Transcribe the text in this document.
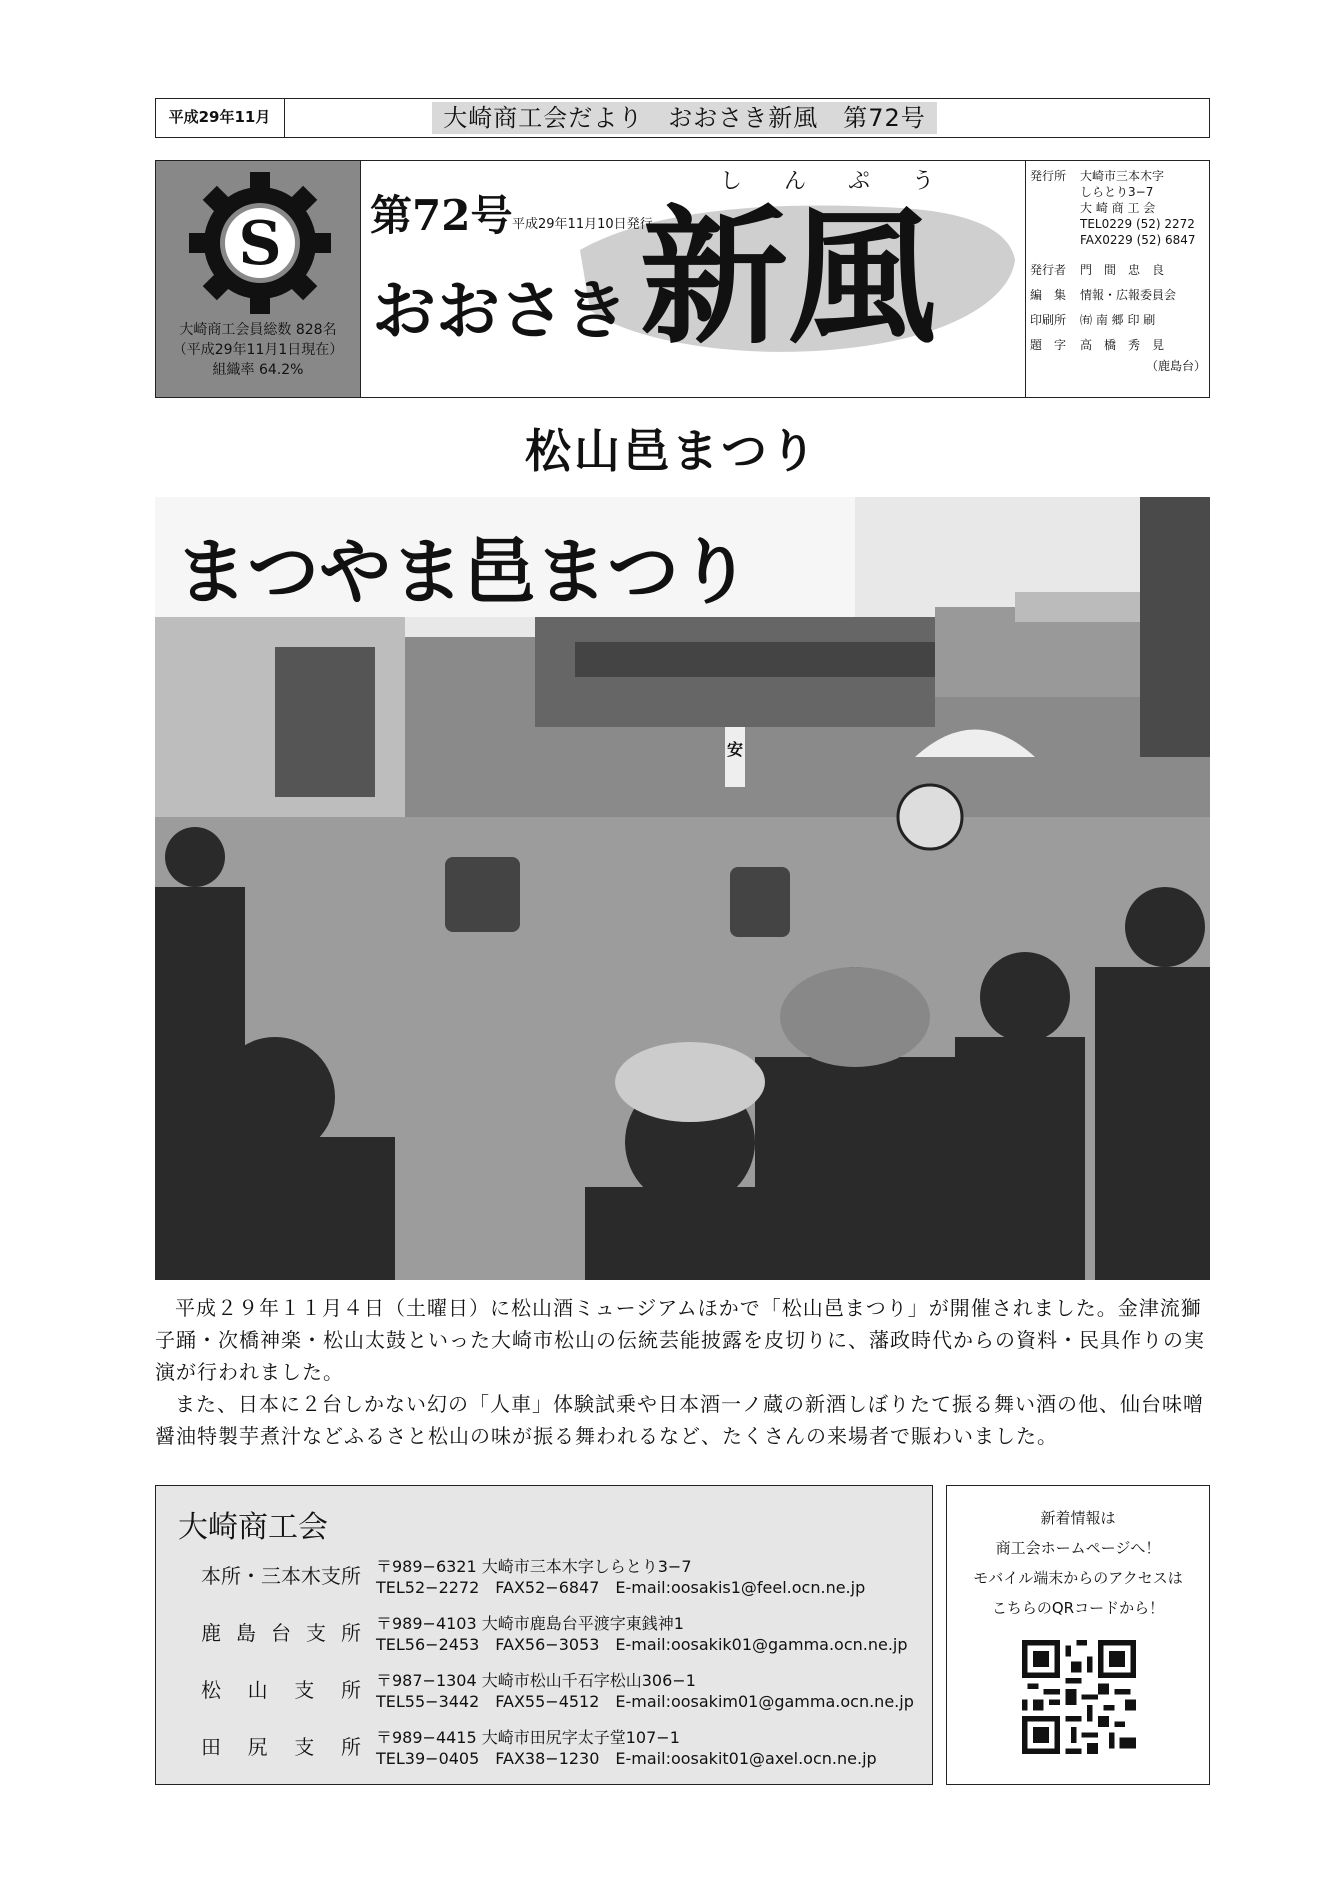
平成29年11月	大崎商工会だより　おおさき新風　第72号
S
大崎商工会員総数 828名
（平成29年11月1日現在）
組織率 64.2%
第72号 平成29年11月10日発行
しんぷう
おおさき 新風
発行所	大崎市三本木字
しらとり3−7
大 崎 商 工 会
TEL0229 (52) 2272
FAX0229 (52) 6847
発行者	門　間　忠　良
編　集	情報・広報委員会
印刷所	㈲ 南 郷 印 刷
題　字	高　橋　秀　見
（鹿島台）
松山邑まつり
まつやま邑まつり
安

平成２９年１１月４日（土曜日）に松山酒ミュージアムほかで「松山邑まつり」が開催されました。金津流獅子踊・次橋神楽・松山太鼓といった大崎市松山の伝統芸能披露を皮切りに、藩政時代からの資料・民具作りの実演が行われました。

また、日本に２台しかない幻の「人車」体験試乗や日本酒一ノ蔵の新酒しぼりたて振る舞い酒の他、仙台味噌醤油特製芋煮汁などふるさと松山の味が振る舞われるなど、たくさんの来場者で賑わいました。

本所・三本木支所 〒989−6321 大崎市三本木字しらとり3−7
TEL52−2272　FAX52−6847　E-mail:oosakis1@feel.ocn.ne.jp
鹿島台支所 〒989−4103 大崎市鹿島台平渡字東銭神1
TEL56−2453　FAX56−3053　E-mail:oosakik01@gamma.ocn.ne.jp
松山支所 〒987−1304 大崎市松山千石字松山306−1
TEL55−3442　FAX55−4512　E-mail:oosakim01@gamma.ocn.ne.jp
田尻支所 〒989−4415 大崎市田尻字太子堂107−1
TEL39−0405　FAX38−1230　E-mail:oosakit01@axel.ocn.ne.jp
大崎商工会	新着情報は
商工会ホームページへ！
モバイル端末からのアクセスは
こちらのQRコードから！
